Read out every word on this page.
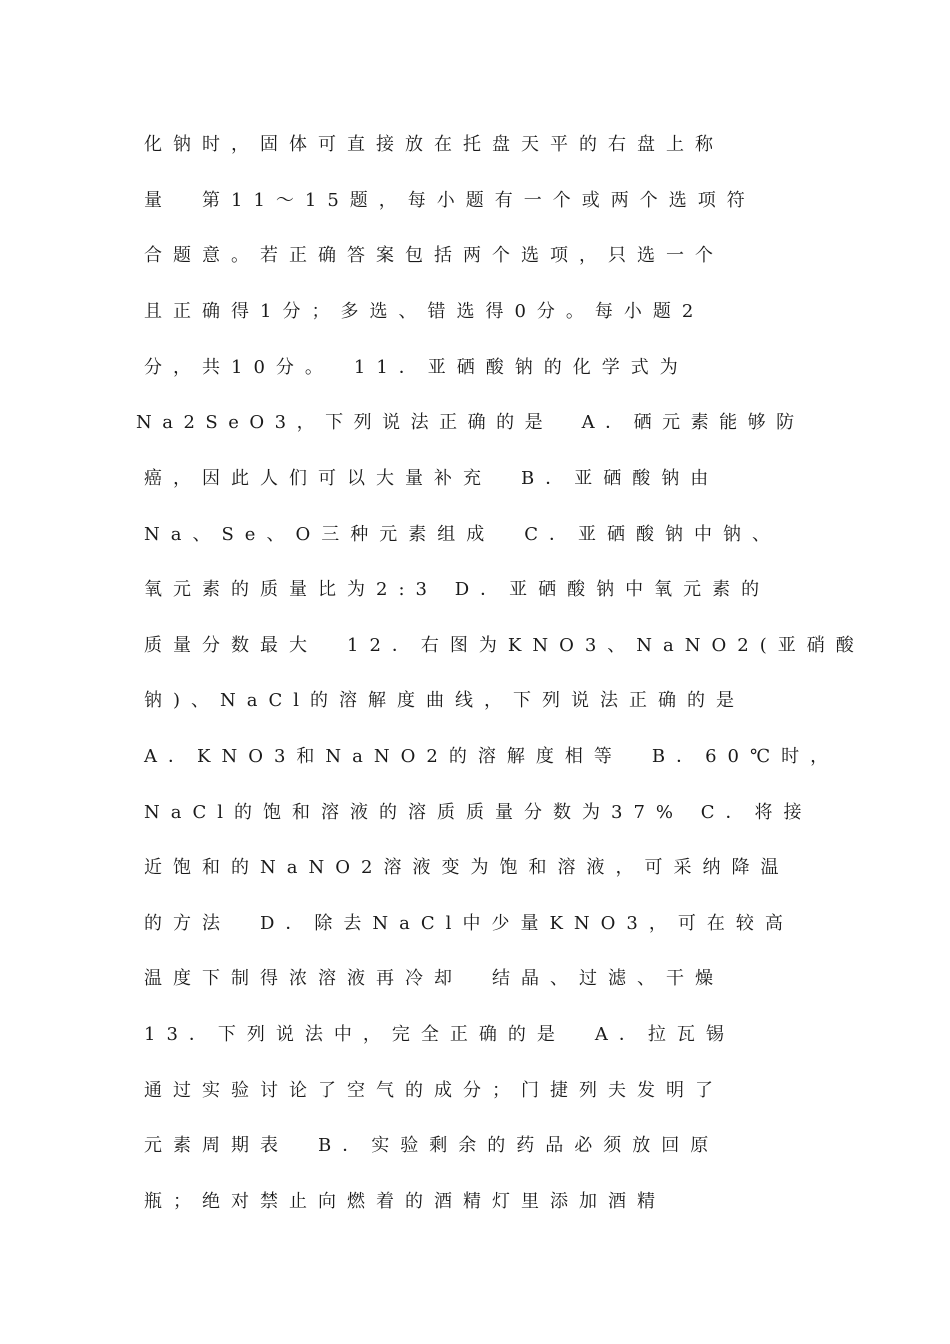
化钠时，固体可直接放在托盘天平的右盘上称
量　第11～15题，每小题有一个或两个选项符
合题意。若正确答案包括两个选项，只选一个
且正确得1分；多选、错选得0分。每小题2
分，共10分。　11．亚硒酸钠的化学式为
Na2SeO3，下列说法正确的是　A．硒元素能够防
癌，因此人们可以大量补充　B．亚硒酸钠由
Na、Se、O三种元素组成　C．亚硒酸钠中钠、
氧元素的质量比为2:3 D．亚硒酸钠中氧元素的
质量分数最大　12．右图为KNO3、NaNO2(亚硝酸
钠)、NaCl的溶解度曲线，下列说法正确的是
A．KNO3和NaNO2的溶解度相等　B．60℃时，
NaCl的饱和溶液的溶质质量分数为37% C．将接
近饱和的NaNO2溶液变为饱和溶液，可采纳降温
的方法　D．除去NaCl中少量KNO3，可在较高
温度下制得浓溶液再冷却　结晶、过滤、干燥
13．下列说法中，完全正确的是　A．拉瓦锡
通过实验讨论了空气的成分；门捷列夫发明了
元素周期表　B．实验剩余的药品必须放回原
瓶；绝对禁止向燃着的酒精灯里添加酒精
